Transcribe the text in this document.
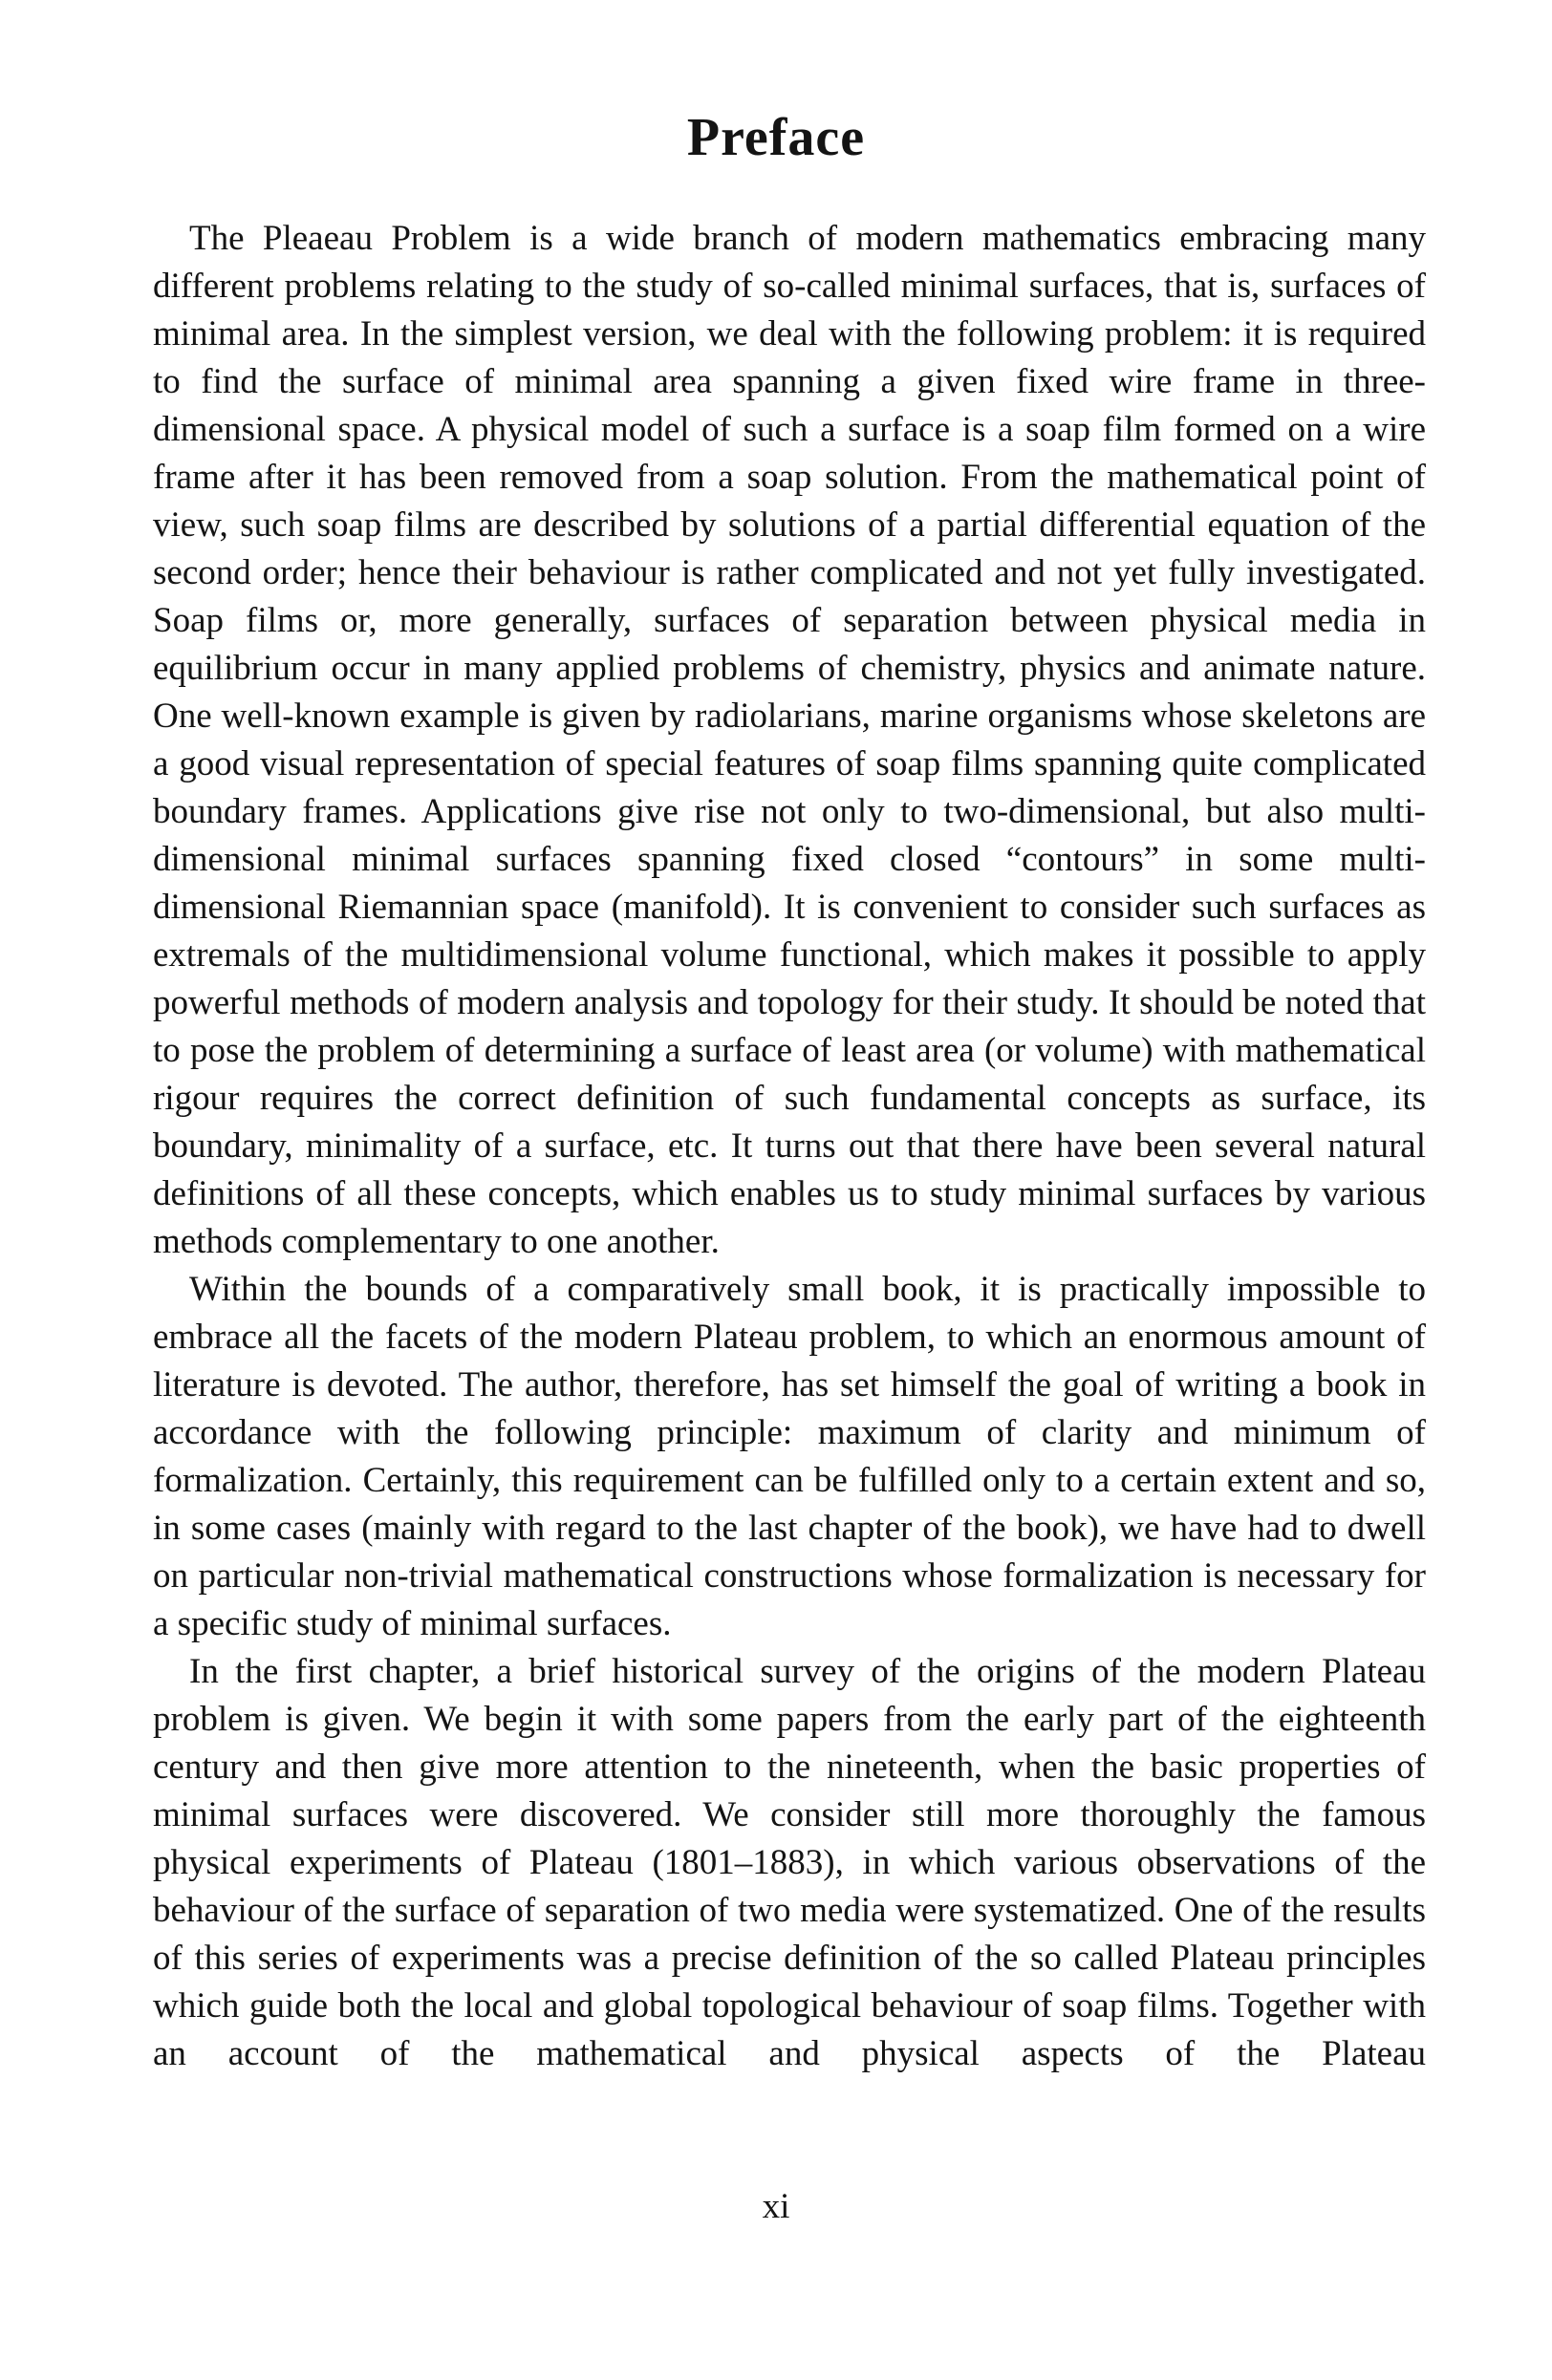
Preface

The Pleaeau Problem is a wide branch of modern mathematics embracing many different problems relating to the study of so-called minimal surfaces, that is, surfaces of minimal area. In the simplest version, we deal with the following problem: it is required to find the surface of minimal area spanning a given fixed wire frame in three-dimensional space. A physical model of such a surface is a soap film formed on a wire frame after it has been removed from a soap solution. From the mathematical point of view, such soap films are described by solutions of a partial differential equation of the second order; hence their behaviour is rather complicated and not yet fully investigated. Soap films or, more generally, surfaces of separation between physical media in equilibrium occur in many applied problems of chemistry, physics and animate nature. One well-known example is given by radiolarians, marine organisms whose skeletons are a good visual representation of special features of soap films spanning quite complicated boundary frames. Applications give rise not only to two-dimensional, but also multi-dimensional minimal surfaces spanning fixed closed “contours” in some multi-dimensional Riemannian space (manifold). It is convenient to consider such surfaces as extremals of the multidimensional volume functional, which makes it possible to apply powerful methods of modern analysis and topology for their study. It should be noted that to pose the problem of determining a surface of least area (or volume) with mathematical rigour requires the correct definition of such fundamental concepts as surface, its boundary, minimality of a surface, etc. It turns out that there have been several natural definitions of all these concepts, which enables us to study minimal surfaces by various methods complementary to one another.

Within the bounds of a comparatively small book, it is practically impossible to embrace all the facets of the modern Plateau problem, to which an enormous amount of literature is devoted. The author, therefore, has set himself the goal of writing a book in accordance with the following principle: maximum of clarity and minimum of formalization. Certainly, this requirement can be fulfilled only to a certain extent and so, in some cases (mainly with regard to the last chapter of the book), we have had to dwell on particular non-trivial mathematical constructions whose formalization is necessary for a specific study of minimal surfaces.

In the first chapter, a brief historical survey of the origins of the modern Plateau problem is given. We begin it with some papers from the early part of the eighteenth century and then give more attention to the nineteenth, when the basic properties of minimal surfaces were discovered. We consider still more thoroughly the famous physical experiments of Plateau (1801–1883), in which various observations of the behaviour of the surface of separation of two media were systematized. One of the results of this series of experiments was a precise definition of the so called Plateau principles which guide both the local and global topological behaviour of soap films. Together with an account of the mathematical and physical aspects of the Plateau

xi
